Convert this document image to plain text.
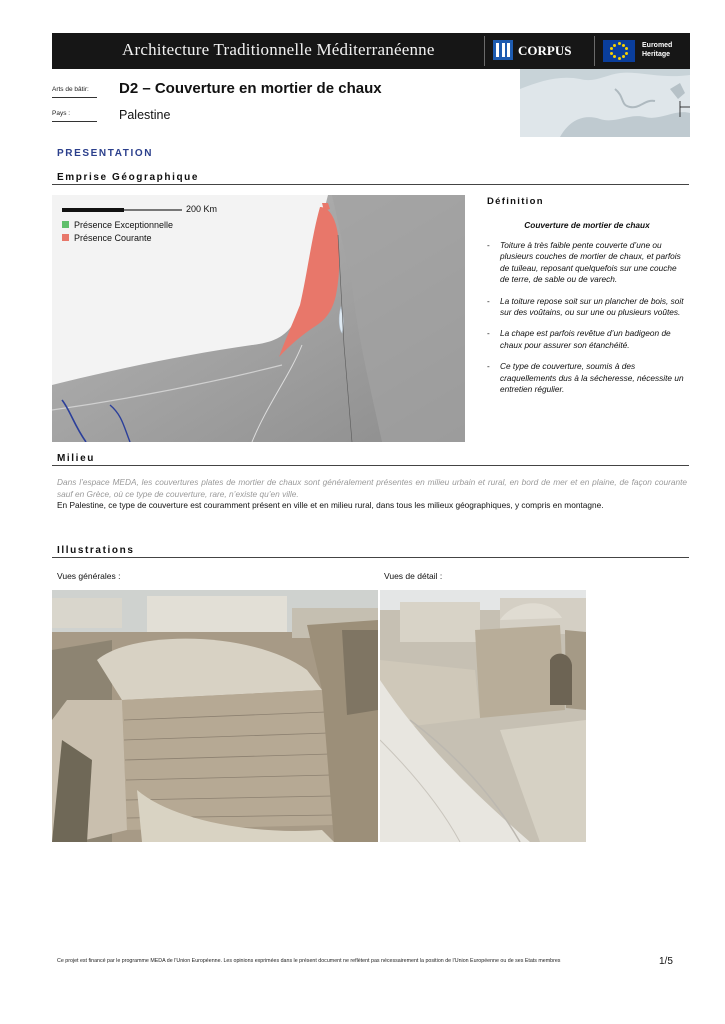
Architecture Traditionnelle Méditerranéenne	CORPUS	Euromed
Heritage
Arts de bâtir: D2 – Couverture en mortier de chaux
Pays :	Palestine
PRESENTATION
Emprise Géographique
200 Km
Présence Exceptionnelle
Présence Courante
Définition
Couverture de mortier de chaux
- Toiture à très faible pente couverte d’une ou plusieurs couches de mortier de chaux, et parfois de tuileau, reposant quelquefois sur une couche de terre, de sable ou de varech.
- La toiture repose soit sur un plancher de bois, soit sur des voûtains, ou sur une ou plusieurs voûtes.
- La chape est parfois revêtue d’un badigeon de chaux pour assurer son étanchéité.
- Ce type de couverture, soumis à des craquellements dus à la sécheresse, nécessite un entretien régulier.
Milieu

Dans l’espace MEDA, les couvertures plates de mortier de chaux sont généralement présentes en milieu urbain et rural, en bord de mer et en plaine, de façon courante sauf en Grèce, où ce type de couverture, rare, n’existe qu’en ville.

En Palestine, ce type de couverture est couramment présent en ville et en milieu rural, dans tous les milieux géographiques, y compris en montagne.

Illustrations
Vues générales :	Vues de détail :
Ce projet est financé par le programme MEDA de l'Union Européenne. Les opinions exprimées dans le présent document ne reflètent pas nécessairement la position de l'Union Européenne ou de ses Etats membres	1/5
